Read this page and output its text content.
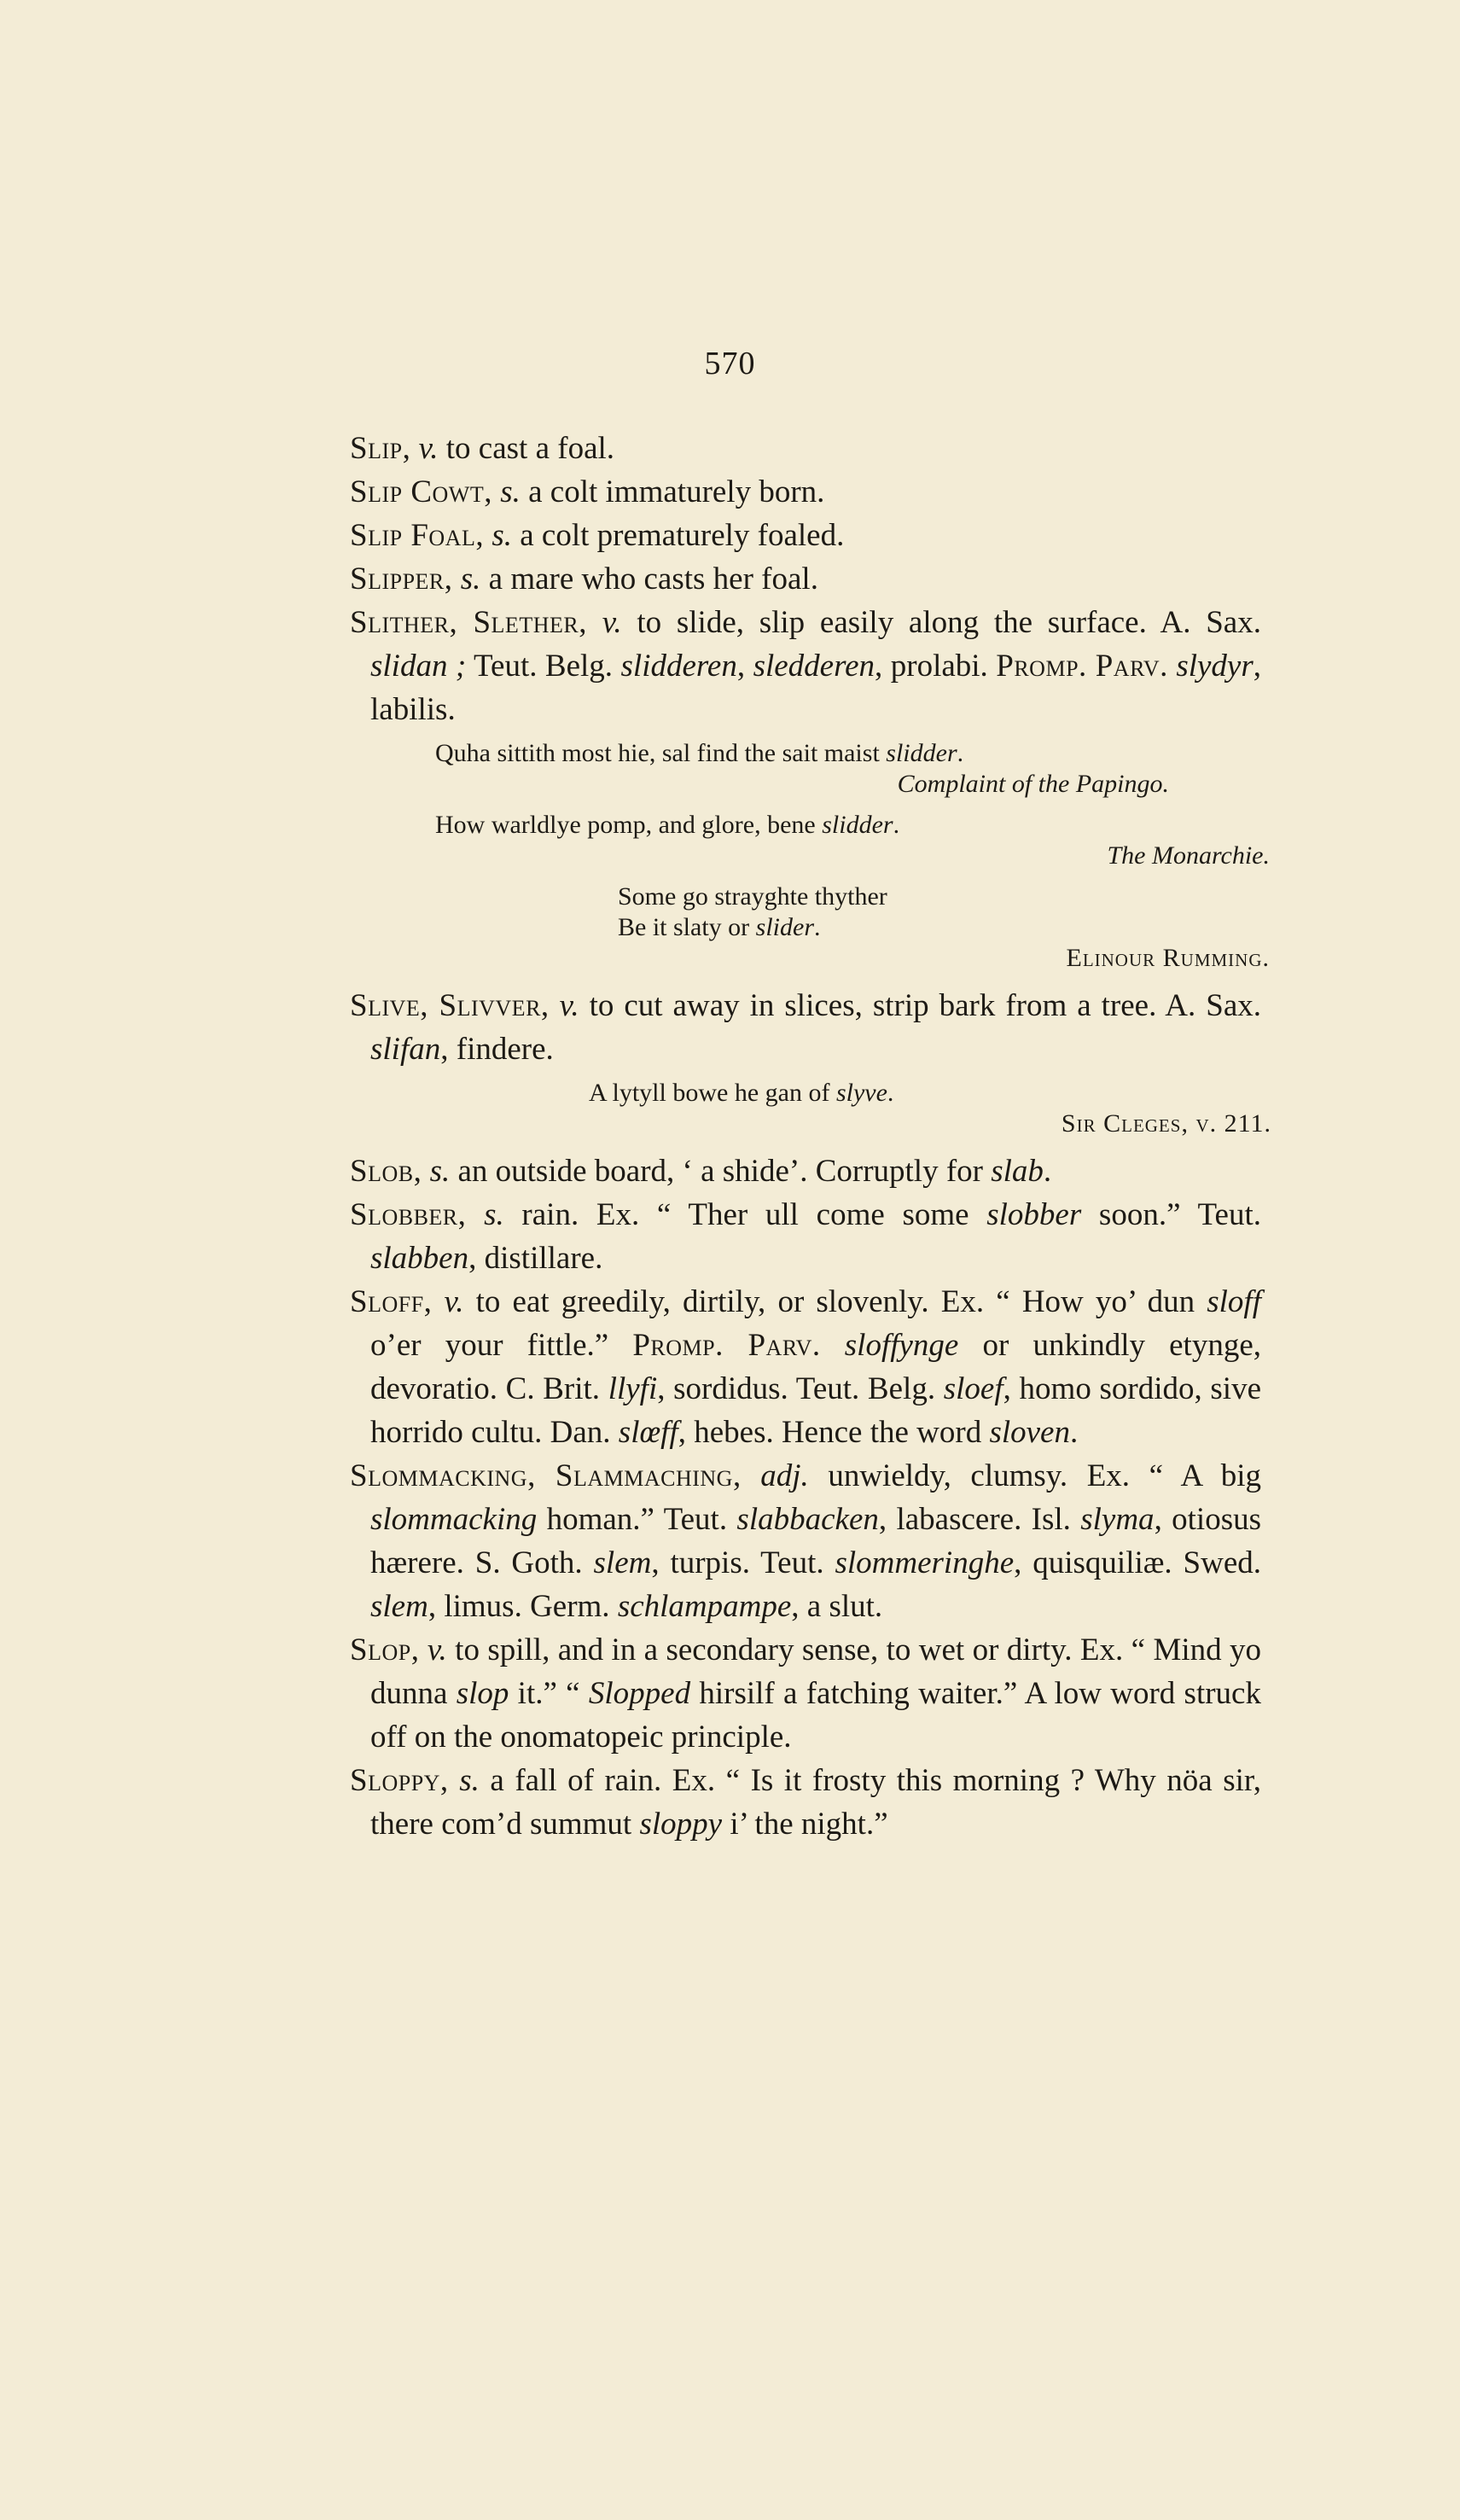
570

Slip, v. to cast a foal.

Slip Cowt, s. a colt immaturely born.

Slip Foal, s. a colt prematurely foaled.

Slipper, s. a mare who casts her foal.

Slither, Slether, v. to slide, slip easily along the surface. A. Sax. slidan ; Teut. Belg. slidderen, sledderen, prolabi. Promp. Parv. slydyr, labilis.

Quha sittith most hie, sal find the sait maist slidder.
Complaint of the Papingo.
How warldlye pomp, and glore, bene slidder.
The Monarchie.
Some go strayghte thyther
Be it slaty or slider.
Elinour Rumming.

Slive, Slivver, v. to cut away in slices, strip bark from a tree. A. Sax. slifan, findere.

A lytyll bowe he gan of slyve.
Sir Cleges, v. 211.

Slob, s. an outside board, ‘ a shide’. Corruptly for slab.

Slobber, s. rain. Ex. “ Ther ull come some slobber soon.” Teut. slabben, distillare.

Sloff, v. to eat greedily, dirtily, or slovenly. Ex. “ How yo’ dun sloff o’er your fittle.” Promp. Parv. sloffynge or unkindly etynge, devoratio. C. Brit. llyfi, sordidus. Teut. Belg. sloef, homo sordido, sive horrido cultu. Dan. slœff, hebes. Hence the word sloven.

Slommacking, Slammaching, adj. unwieldy, clumsy. Ex. “ A big slommacking homan.” Teut. slabbacken, labascere. Isl. slyma, otiosus hærere. S. Goth. slem, turpis. Teut. slommeringhe, quisquiliæ. Swed. slem, limus. Germ. schlampampe, a slut.

Slop, v. to spill, and in a secondary sense, to wet or dirty. Ex. “ Mind yo dunna slop it.” “ Slopped hirsilf a fatching waiter.” A low word struck off on the onomatopeic principle.

Sloppy, s. a fall of rain. Ex. “ Is it frosty this morning ? Why nöa sir, there com’d summut sloppy i’ the night.”
